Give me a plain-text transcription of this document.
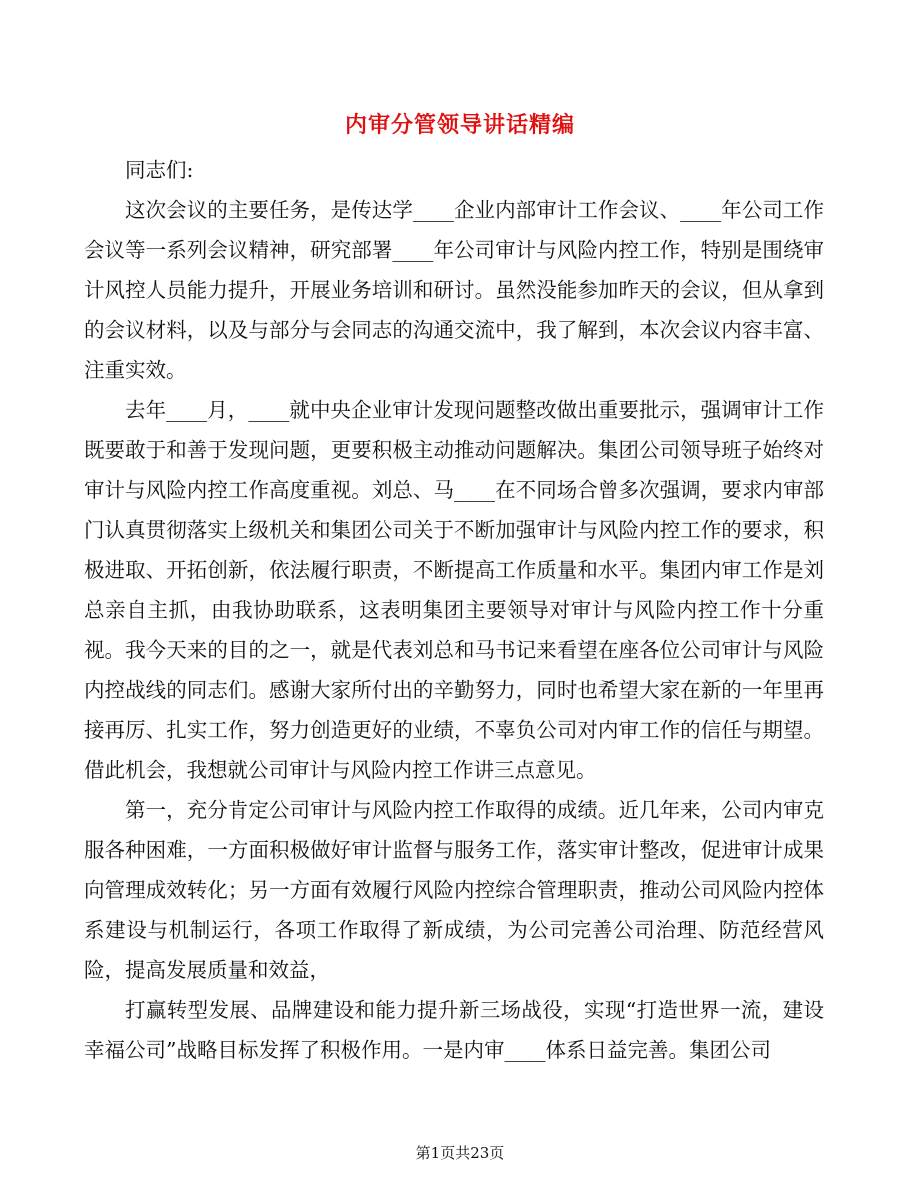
内审分管领导讲话精编

同志们:

这次会议的主要任务，是传达学____企业内部审计工作会议、____年公司工作会议等一系列会议精神，研究部署____年公司审计与风险内控工作，特别是围绕审计风控人员能力提升，开展业务培训和研讨。虽然没能参加昨天的会议，但从拿到的会议材料，以及与部分与会同志的沟通交流中，我了解到，本次会议内容丰富、注重实效。

去年____月，____就中央企业审计发现问题整改做出重要批示，强调审计工作既要敢于和善于发现问题，更要积极主动推动问题解决。集团公司领导班子始终对审计与风险内控工作高度重视。刘总、马____在不同场合曾多次强调，要求内审部门认真贯彻落实上级机关和集团公司关于不断加强审计与风险内控工作的要求，积极进取、开拓创新，依法履行职责，不断提高工作质量和水平。集团内审工作是刘总亲自主抓，由我协助联系，这表明集团主要领导对审计与风险内控工作十分重视。我今天来的目的之一，就是代表刘总和马书记来看望在座各位公司审计与风险内控战线的同志们。感谢大家所付出的辛勤努力，同时也希望大家在新的一年里再接再厉、扎实工作，努力创造更好的业绩，不辜负公司对内审工作的信任与期望。借此机会，我想就公司审计与风险内控工作讲三点意见。

第一，充分肯定公司审计与风险内控工作取得的成绩。近几年来，公司内审克服各种困难，一方面积极做好审计监督与服务工作，落实审计整改，促进审计成果向管理成效转化；另一方面有效履行风险内控综合管理职责，推动公司风险内控体系建设与机制运行，各项工作取得了新成绩，为公司完善公司治理、防范经营风险，提高发展质量和效益，

打赢转型发展、品牌建设和能力提升新三场战役，实现“打造世界一流，建设幸福公司”战略目标发挥了积极作用。一是内审____体系日益完善。集团公司

第1页共23页
